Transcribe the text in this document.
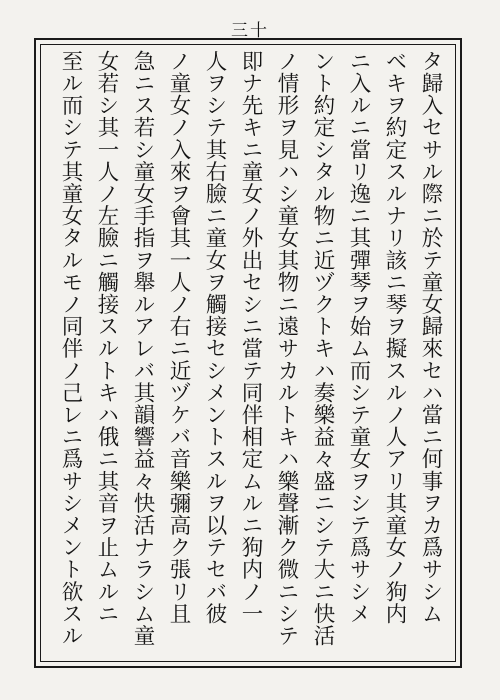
三十
タ歸入セサル際ニ於テ童女歸來セハ當ニ何事ヲカ爲サシム
ベキヲ約定スルナリ該ニ琴ヲ擬スルノ人アリ其童女ノ狗内
ニ入ルニ當リ逸ニ其彈琴ヲ始ム而シテ童女ヲシテ爲サシメ
ント約定シタル物ニ近ヅクトキハ奏樂益々盛ニシテ大ニ快活
ノ情形ヲ見ハシ童女其物ニ遠サカルトキハ樂聲漸ク微ニシテ
即ナ先キニ童女ノ外出セシニ當テ同伴相定ムルニ狗内ノ一
人ヲシテ其右臉ニ童女ヲ觸接セシメントスルヲ以テセバ彼
ノ童女ノ入來ヲ會其一人ノ右ニ近ヅケバ音樂彌高ク張リ且
急ニス若シ童女手指ヲ舉ルアレバ其韻響益々快活ナラシム童
女若シ其一人ノ左臉ニ觸接スルトキハ俄ニ其音ヲ止ムルニ
至ル而シテ其童女タルモノ同伴ノ己レニ爲サシメント欲スル
